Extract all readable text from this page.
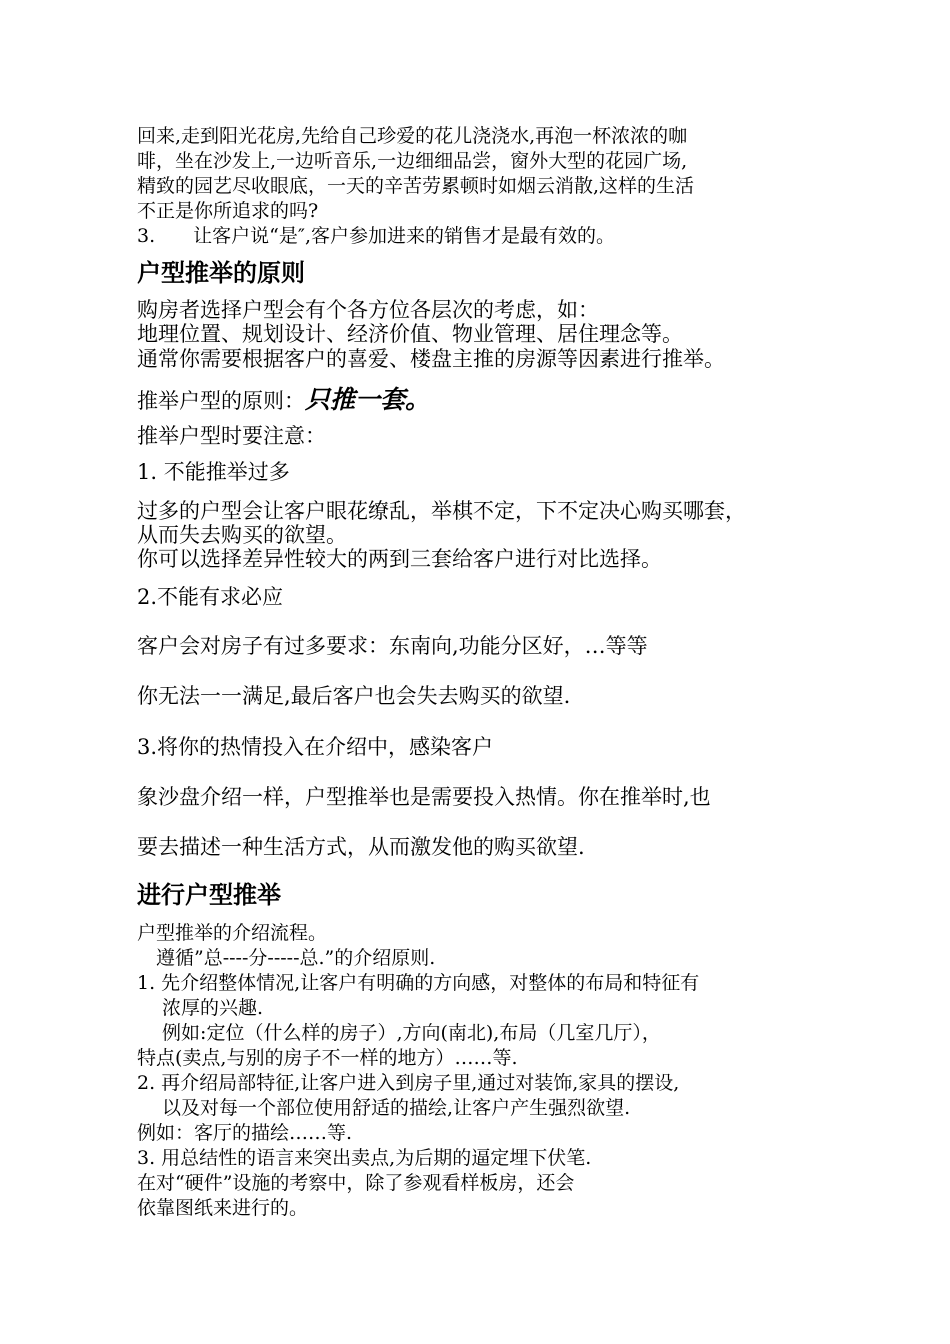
回来,走到阳光花房,先给自己珍爱的花儿浇浇水,再泡一杯浓浓的咖
啡，坐在沙发上,一边听音乐,一边细细品尝，窗外大型的花园广场,
精致的园艺尽收眼底，一天的辛苦劳累顿时如烟云消散,这样的生活
不正是你所追求的吗?
3.　　让客户说“是″,客户参加进来的销售才是最有效的。
户型推举的原则
购房者选择户型会有个各方位各层次的考虑，如：
地理位置、规划设计、经济价值、物业管理、居住理念等。
通常你需要根据客户的喜爱、楼盘主推的房源等因素进行推举。
推举户型的原则：只推一套。
推举户型时要注意：
1. 不能推举过多
过多的户型会让客户眼花缭乱，举棋不定，下不定决心购买哪套，
从而失去购买的欲望。
你可以选择差异性较大的两到三套给客户进行对比选择。
2.不能有求必应
客户会对房子有过多要求：东南向,功能分区好，…等等
你无法一一满足,最后客户也会失去购买的欲望.
3.将你的热情投入在介绍中，感染客户
象沙盘介绍一样，户型推举也是需要投入热情。你在推举时,也
要去描述一种生活方式，从而激发他的购买欲望.
进行户型推举
户型推举的介绍流程。
　遵循”总----分-----总.”的介绍原则.
1. 先介绍整体情况,让客户有明确的方向感，对整体的布局和特征有
　 浓厚的兴趣.
　 例如:定位（什么样的房子）,方向(南北),布局（几室几厅），
特点(卖点,与别的房子不一样的地方）……等.
2. 再介绍局部特征,让客户进入到房子里,通过对装饰,家具的摆设,
　 以及对每一个部位使用舒适的描绘,让客户产生强烈欲望.
例如：客厅的描绘……等.
3. 用总结性的语言来突出卖点,为后期的逼定埋下伏笔.
在对“硬件”设施的考察中，除了参观看样板房，还会
依靠图纸来进行的。
